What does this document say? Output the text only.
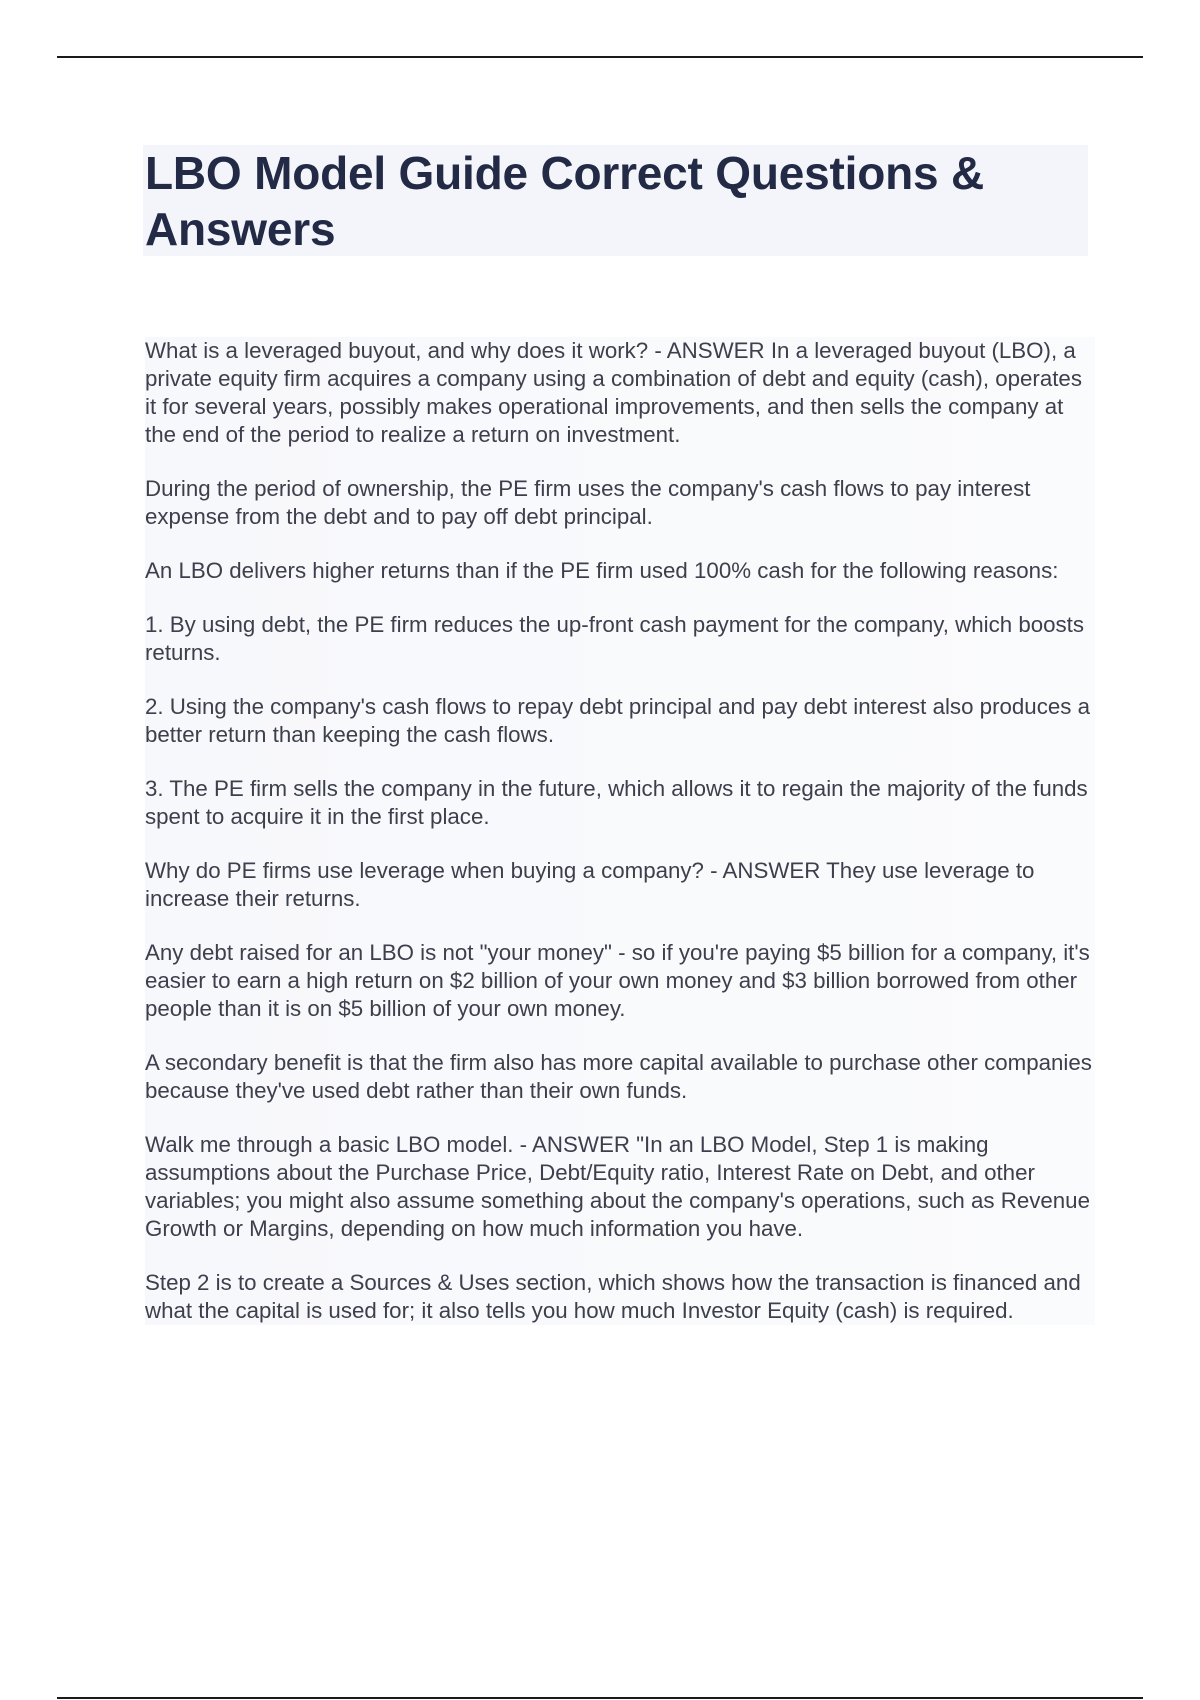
LBO Model Guide Correct Questions & Answers

What is a leveraged buyout, and why does it work? - ANSWER In a leveraged buyout (LBO), a private equity firm acquires a company using a combination of debt and equity (cash), operates it for several years, possibly makes operational improvements, and then sells the company at the end of the period to realize a return on investment.

During the period of ownership, the PE firm uses the company's cash flows to pay interest expense from the debt and to pay off debt principal.

An LBO delivers higher returns than if the PE firm used 100% cash for the following reasons:

1. By using debt, the PE firm reduces the up-front cash payment for the company, which boosts returns.

2. Using the company's cash flows to repay debt principal and pay debt interest also produces a better return than keeping the cash flows.

3. The PE firm sells the company in the future, which allows it to regain the majority of the funds spent to acquire it in the first place.

Why do PE firms use leverage when buying a company? - ANSWER They use leverage to increase their returns.

Any debt raised for an LBO is not "your money" - so if you're paying $5 billion for a company, it's easier to earn a high return on $2 billion of your own money and $3 billion borrowed from other people than it is on $5 billion of your own money.

A secondary benefit is that the firm also has more capital available to purchase other companies because they've used debt rather than their own funds.

Walk me through a basic LBO model. - ANSWER "In an LBO Model, Step 1 is making assumptions about the Purchase Price, Debt/Equity ratio, Interest Rate on Debt, and other variables; you might also assume something about the company's operations, such as Revenue Growth or Margins, depending on how much information you have.

Step 2 is to create a Sources & Uses section, which shows how the transaction is financed and what the capital is used for; it also tells you how much Investor Equity (cash) is required.
